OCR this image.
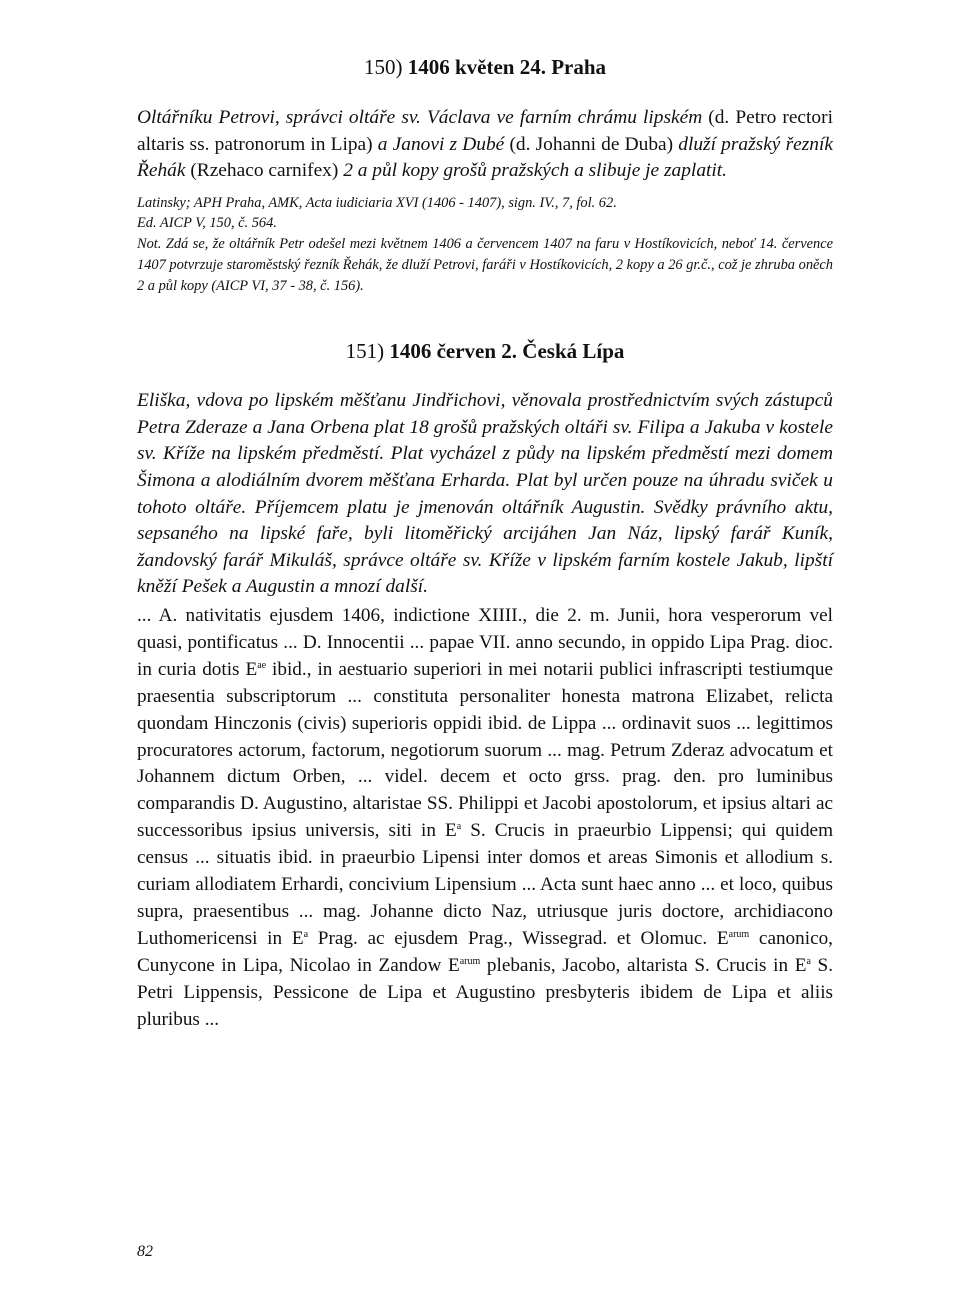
150) 1406 květen 24. Praha

Oltářníku Petrovi, správci oltáře sv. Václava ve farním chrámu lipském (d. Petro rectori altaris ss. patronorum in Lipa) a Janovi z Dubé (d. Johanni de Duba) dluží pražský řezník Řehák (Rzehaco carnifex) 2 a půl kopy grošů pražských a slibuje je zaplatit.

Latinsky; APH Praha, AMK, Acta iudiciaria XVI (1406 - 1407), sign. IV., 7, fol. 62.

Ed. AICP V, 150, č. 564.

Not. Zdá se, že oltářník Petr odešel mezi květnem 1406 a červencem 1407 na faru v Hostíkovicích, neboť 14. července 1407 potvrzuje staroměstský řezník Řehák, že dluží Petrovi, faráři v Hostíkovicích, 2 kopy a 26 gr.č., což je zhruba oněch 2 a půl kopy (AICP VI, 37 - 38, č. 156).

151) 1406 červen 2. Česká Lípa

Eliška, vdova po lipském měšťanu Jindřichovi, věnovala prostřednictvím svých zástupců Petra Zderaze a Jana Orbena plat 18 grošů pražských oltáři sv. Filipa a Jakuba v kostele sv. Kříže na lipském předměstí. Plat vycházel z půdy na lipském předměstí mezi domem Šimona a alodiálním dvorem měšťana Erharda. Plat byl určen pouze na úhradu sviček u tohoto oltáře. Příjemcem platu je jmenován oltářník Augustin. Svědky právního aktu, sepsaného na lipské faře, byli litoměřický arcijáhen Jan Náz, lipský farář Kuník, žandovský farář Mikuláš, správce oltáře sv. Kříže v lipském farním kostele Jakub, lipští kněží Pešek a Augustin a mnozí další.

... A. nativitatis ejusdem 1406, indictione XIIII., die 2. m. Junii, hora vesperorum vel quasi, pontificatus ... D. Innocentii ... papae VII. anno secundo, in oppido Lipa Prag. dioc. in curia dotis $E^{ae}$ ibid., in aestuario superiori in mei notarii publici infrascripti testiumque praesentia subscriptorum ... constituta personaliter honesta matrona Elizabet, relicta quondam Hinczonis (civis) superioris oppidi ibid. de Lippa ... ordinavit suos ... legittimos procuratores actorum, factorum, negotiorum suorum ... mag. Petrum Zderaz advocatum et Johannem dictum Orben, ... videl. decem et octo grss. prag. den. pro luminibus comparandis D. Augustino, altaristae SS. Philippi et Jacobi apostolorum, et ipsius altari ac successoribus ipsius universis, siti in $E^a$ S. Crucis in praeurbio Lippensi; qui quidem census ... situatis ibid. in praeurbio Lipensi inter domos et areas Simonis et allodium s. curiam allodiatem Erhardi, concivium Lipensium ... Acta sunt haec anno ... et loco, quibus supra, praesentibus ... mag. Johanne dicto Naz, utriusque juris doctore, archidiacono Luthomericensi in $E^a$ Prag. ac ejusdem Prag., Wissegrad. et Olomuc. $E^{arum}$ canonico, Cunycone in Lipa, Nicolao in Zandow $E^{arum}$ plebanis, Jacobo, altarista S. Crucis in $E^a$ S. Petri Lippensis, Pessicone de Lipa et Augustino presbyteris ibidem de Lipa et aliis pluribus ...

82
